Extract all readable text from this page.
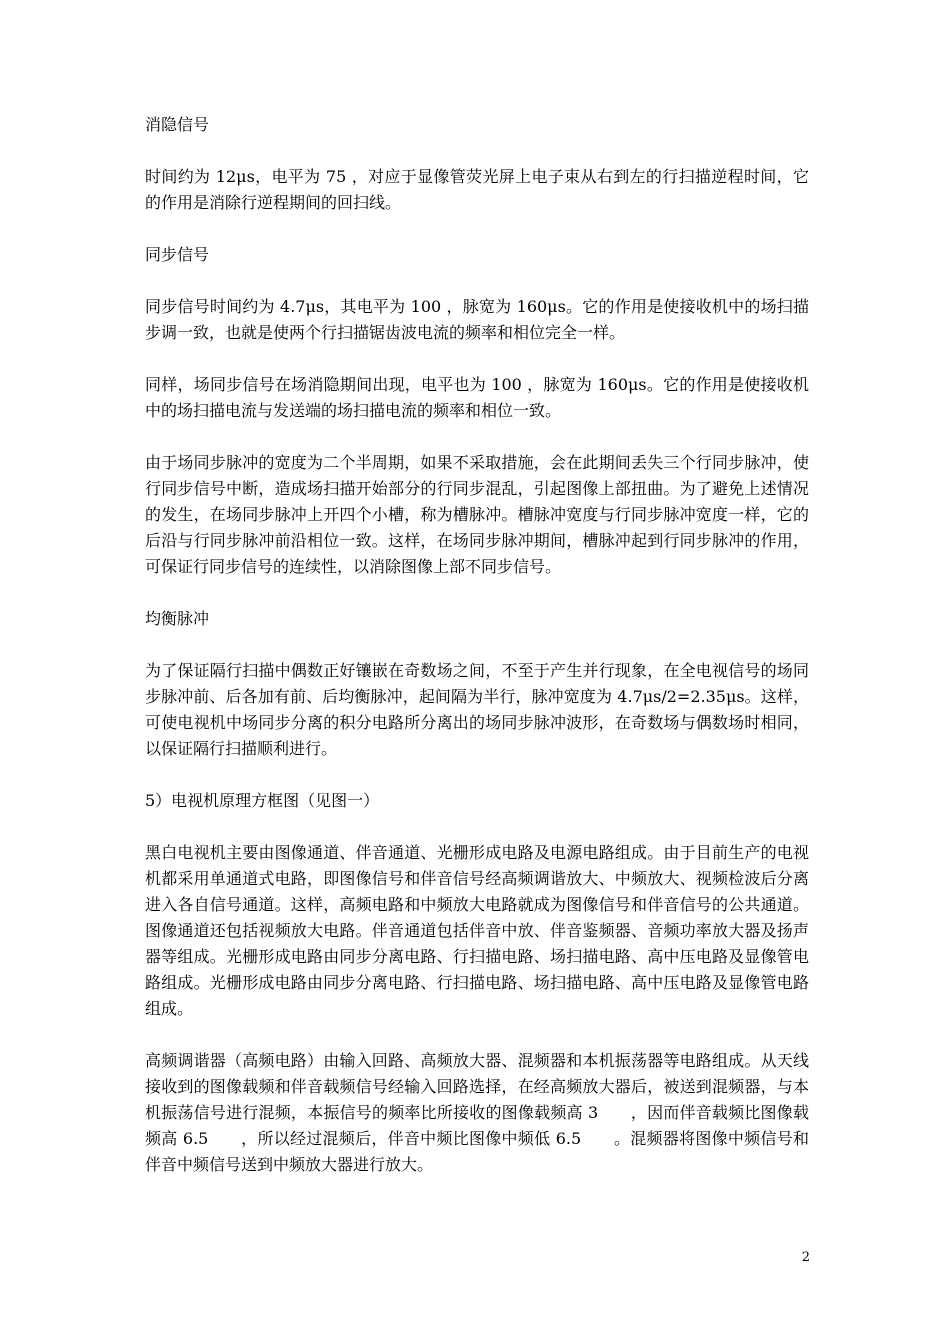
消隐信号
时间约为 12μs，电平为 75 ，对应于显像管荧光屏上电子束从右到左的行扫描逆程时间，它的作用是消除行逆程期间的回扫线。
同步信号
同步信号时间约为 4.7μs，其电平为 100 ，脉宽为 160μs。它的作用是使接收机中的场扫描步调一致，也就是使两个行扫描锯齿波电流的频率和相位完全一样。
同样，场同步信号在场消隐期间出现，电平也为 100 ，脉宽为 160μs。它的作用是使接收机中的场扫描电流与发送端的场扫描电流的频率和相位一致。
由于场同步脉冲的宽度为二个半周期，如果不采取措施，会在此期间丢失三个行同步脉冲，使行同步信号中断，造成场扫描开始部分的行同步混乱，引起图像上部扭曲。为了避免上述情况的发生，在场同步脉冲上开四个小槽，称为槽脉冲。槽脉冲宽度与行同步脉冲宽度一样，它的后沿与行同步脉冲前沿相位一致。这样，在场同步脉冲期间，槽脉冲起到行同步脉冲的作用，可保证行同步信号的连续性，以消除图像上部不同步信号。
均衡脉冲
为了保证隔行扫描中偶数正好镶嵌在奇数场之间，不至于产生并行现象，在全电视信号的场同步脉冲前、后各加有前、后均衡脉冲，起间隔为半行，脉冲宽度为 4.7μs/2=2.35μs。这样，可使电视机中场同步分离的积分电路所分离出的场同步脉冲波形，在奇数场与偶数场时相同，以保证隔行扫描顺利进行。
5）电视机原理方框图（见图一）
黑白电视机主要由图像通道、伴音通道、光栅形成电路及电源电路组成。由于目前生产的电视机都采用单通道式电路，即图像信号和伴音信号经高频调谐放大、中频放大、视频检波后分离进入各自信号通道。这样，高频电路和中频放大电路就成为图像信号和伴音信号的公共通道。图像通道还包括视频放大电路。伴音通道包括伴音中放、伴音鉴频器、音频功率放大器及扬声器等组成。光栅形成电路由同步分离电路、行扫描电路、场扫描电路、高中压电路及显像管电路组成。光栅形成电路由同步分离电路、行扫描电路、场扫描电路、高中压电路及显像管电路组成。
高频调谐器（高频电路）由输入回路、高频放大器、混频器和本机振荡器等电路组成。从天线接收到的图像载频和伴音载频信号经输入回路选择，在经高频放大器后，被送到混频器，与本机振荡信号进行混频，本振信号的频率比所接收的图像载频高 3　　，因而伴音载频比图像载频高 6.5　　，所以经过混频后，伴音中频比图像中频低 6.5　　。混频器将图像中频信号和伴音中频信号送到中频放大器进行放大。
2
